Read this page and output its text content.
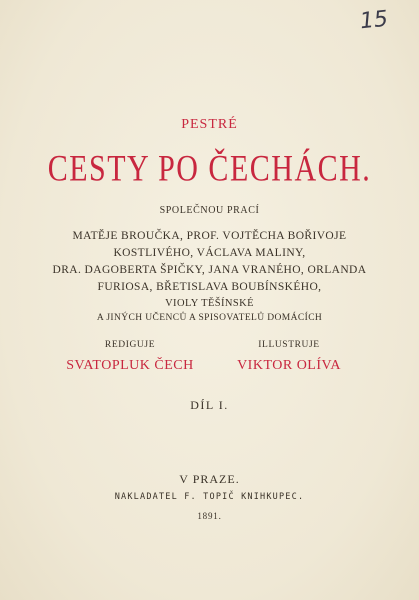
15
PESTRÉ
CESTY PO ČECHÁCH.
SPOLEČNOU PRACÍ
MATĚJE BROUČKA, PROF. VOJTĚCHA BOŘIVOJE
KOSTLIVÉHO, VÁCLAVA MALINY,
DRA. DAGOBERTA ŠPIČKY, JANA VRANÉHO, ORLANDA
FURIOSA, BŘETISLAVA BOUBÍNSKÉHO,
VIOLY TĚŠÍNSKÉ
A JINÝCH UČENCŮ A SPISOVATELŮ DOMÁCÍCH
REDIGUJE
SVATOPLUK ČECH
ILLUSTRUJE
VIKTOR OLÍVA
DÍL I.
V PRAZE.
NAKLADATEL F. TOPIČ KNIHKUPEC.
1891.
